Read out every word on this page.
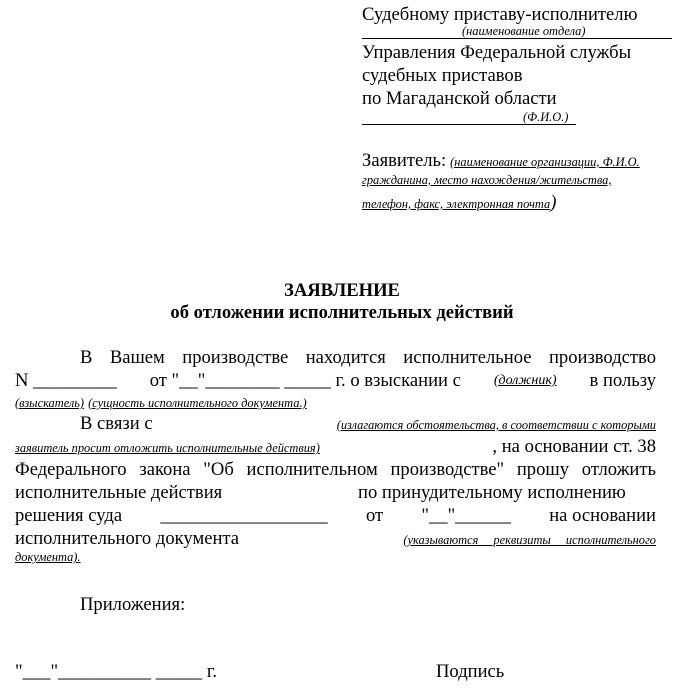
Судебному приставу-исполнителю
(наименование отдела)
Управления Федеральной службы
судебных приставов
по Магаданской области
(Ф.И.О.)
Заявитель: (наименование организации, Ф.И.О.
гражданина, место нахождения/жительства,
телефон, факс, электронная почта)
ЗАЯВЛЕНИЕ
об отложении исполнительных действий
В Вашем производстве находится исполнительное производство
N _________ от "__"________ _____ г. о взыскании с (должник) в пользу
(взыскатель) (сущность исполнительного документа.)
В связи с	(излагаются обстоятельства, в соответствии с которыми
заявитель просит отложить исполнительные действия)	, на основании ст. 38
Федерального закона "Об исполнительном производстве" прошу отложить
исполнительные действия	по принудительному исполнению
решения суда __________________ от "__"______ на основании
исполнительного документа	(указываются реквизиты исполнительного
документа).
Приложения:
"___"__________ _____ г.	Подпись
